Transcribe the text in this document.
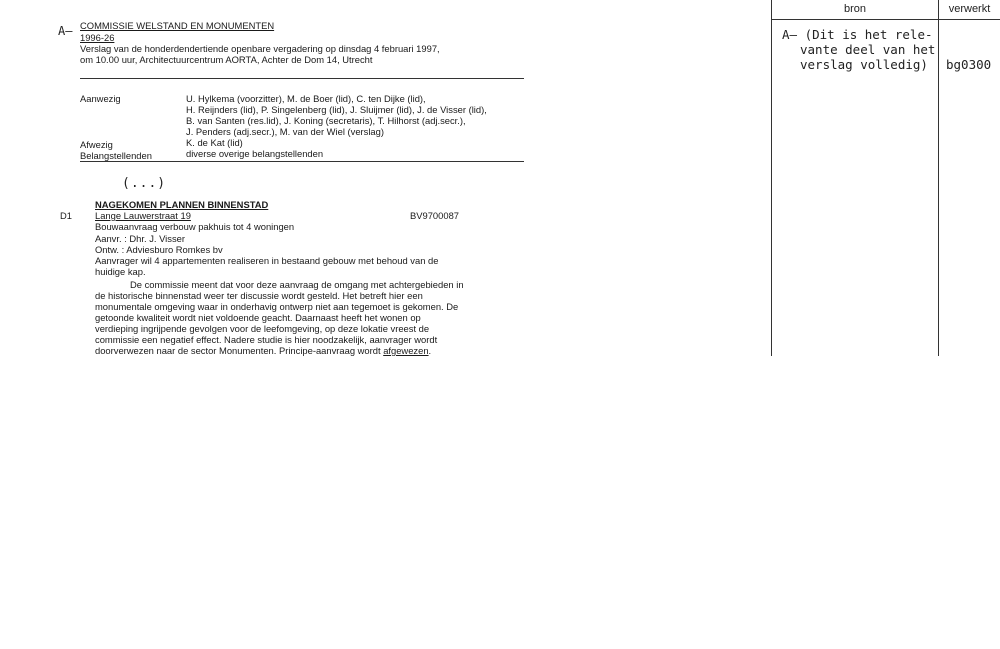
A– COMMISSIE WELSTAND EN MONUMENTEN
1996-26
Verslag van de honderdendertiende openbare vergadering op dinsdag 4 februari 1997,
om 10.00 uur, Architectuurcentrum AORTA, Achter de Dom 14, Utrecht
Aanwezig	U. Hylkema (voorzitter), M. de Boer (lid), C. ten Dijke (lid),
H. Reijnders (lid), P. Singelenberg (lid), J. Sluijmer (lid), J. de Visser (lid),
B. van Santen (res.lid), J. Koning (secretaris), T. Hilhorst (adj.secr.),
J. Penders (adj.secr.), M. van der Wiel (verslag)
Afwezig	K. de Kat (lid)
Belangstellenden	diverse overige belangstellenden
(...)
NAGEKOMEN PLANNEN BINNENSTAD
D1 Lange Lauwerstraat 19	BV9700087
Bouwaanvraag verbouw pakhuis tot 4 woningen
Aanvr. : Dhr. J. Visser
Ontw. : Adviesburo Romkes bv
Aanvrager wil 4 appartementen realiseren in bestaand gebouw met behoud van de
huidige kap.
De commissie meent dat voor deze aanvraag de omgang met achtergebieden in
de historische binnenstad weer ter discussie wordt gesteld. Het betreft hier een
monumentale omgeving waar in onderhavig ontwerp niet aan tegemoet is gekomen. De
getoonde kwaliteit wordt niet voldoende geacht. Daarnaast heeft het wonen op
verdieping ingrijpende gevolgen voor de leefomgeving, op deze lokatie vreest de
commissie een negatief effect. Nadere studie is hier noodzakelijk, aanvrager wordt
doorverwezen naar de sector Monumenten. Principe-aanvraag wordt afgewezen.
bron	verwerkt
A– (Dit is het rele-
vante deel van het
verslag volledig) bg0300
